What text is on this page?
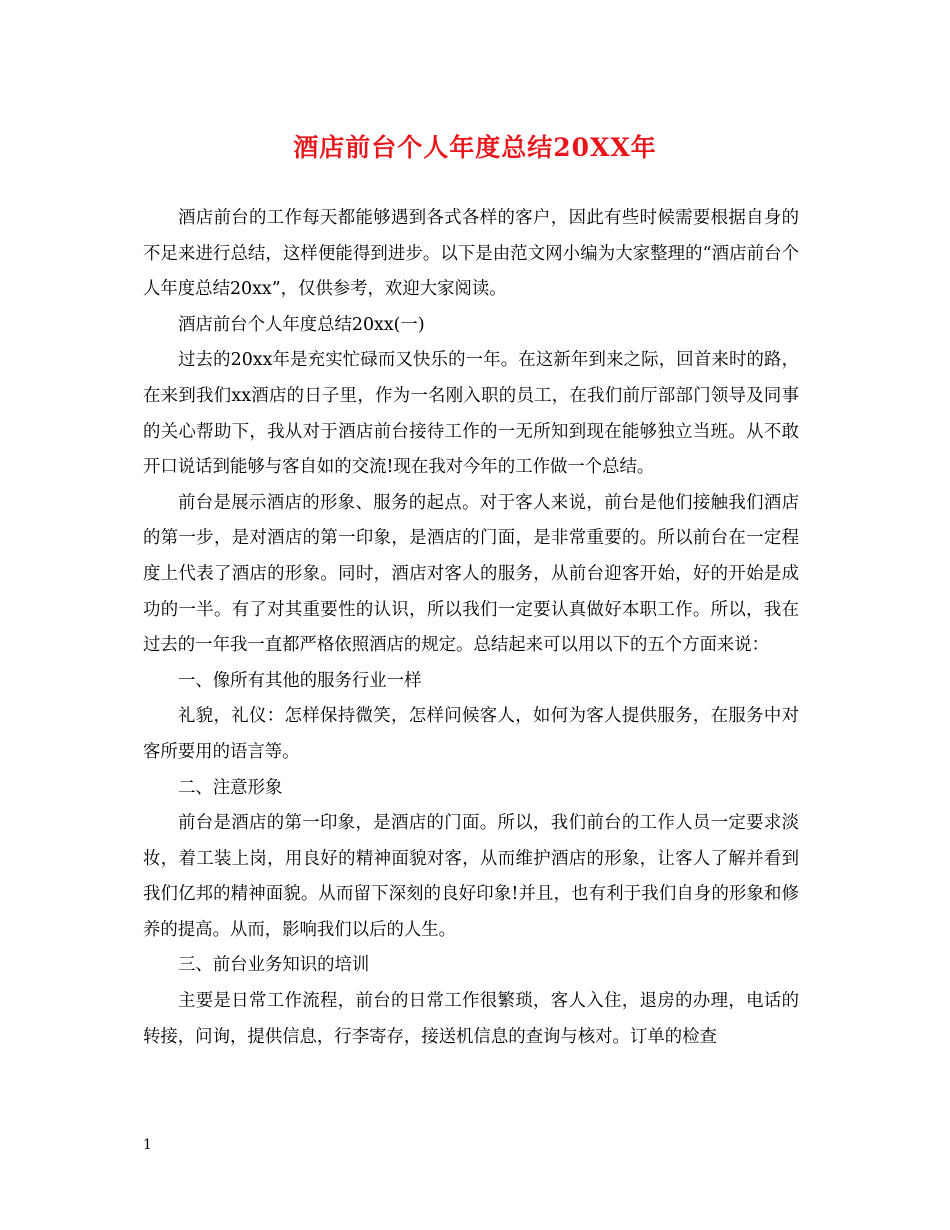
酒店前台个人年度总结20XX年

酒店前台的工作每天都能够遇到各式各样的客户，因此有些时候需要根据自身的不足来进行总结，这样便能得到进步。以下是由范文网小编为大家整理的“酒店前台个人年度总结20xx”，仅供参考，欢迎大家阅读。

酒店前台个人年度总结20xx(一)

过去的20xx年是充实忙碌而又快乐的一年。在这新年到来之际，回首来时的路，在来到我们xx酒店的日子里，作为一名刚入职的员工，在我们前厅部部门领导及同事的关心帮助下，我从对于酒店前台接待工作的一无所知到现在能够独立当班。从不敢开口说话到能够与客自如的交流!现在我对今年的工作做一个总结。

前台是展示酒店的形象、服务的起点。对于客人来说，前台是他们接触我们酒店的第一步，是对酒店的第一印象，是酒店的门面，是非常重要的。所以前台在一定程度上代表了酒店的形象。同时，酒店对客人的服务，从前台迎客开始，好的开始是成功的一半。有了对其重要性的认识，所以我们一定要认真做好本职工作。所以，我在过去的一年我一直都严格依照酒店的规定。总结起来可以用以下的五个方面来说：

一、像所有其他的服务行业一样

礼貌，礼仪：怎样保持微笑，怎样问候客人，如何为客人提供服务，在服务中对客所要用的语言等。

二、注意形象

前台是酒店的第一印象，是酒店的门面。所以，我们前台的工作人员一定要求淡妆，着工装上岗，用良好的精神面貌对客，从而维护酒店的形象，让客人了解并看到我们亿邦的精神面貌。从而留下深刻的良好印象!并且，也有利于我们自身的形象和修养的提高。从而，影响我们以后的人生。

三、前台业务知识的培训

主要是日常工作流程，前台的日常工作很繁琐，客人入住，退房的办理，电话的转接，问询，提供信息，行李寄存，接送机信息的查询与核对。订单的检查

1
